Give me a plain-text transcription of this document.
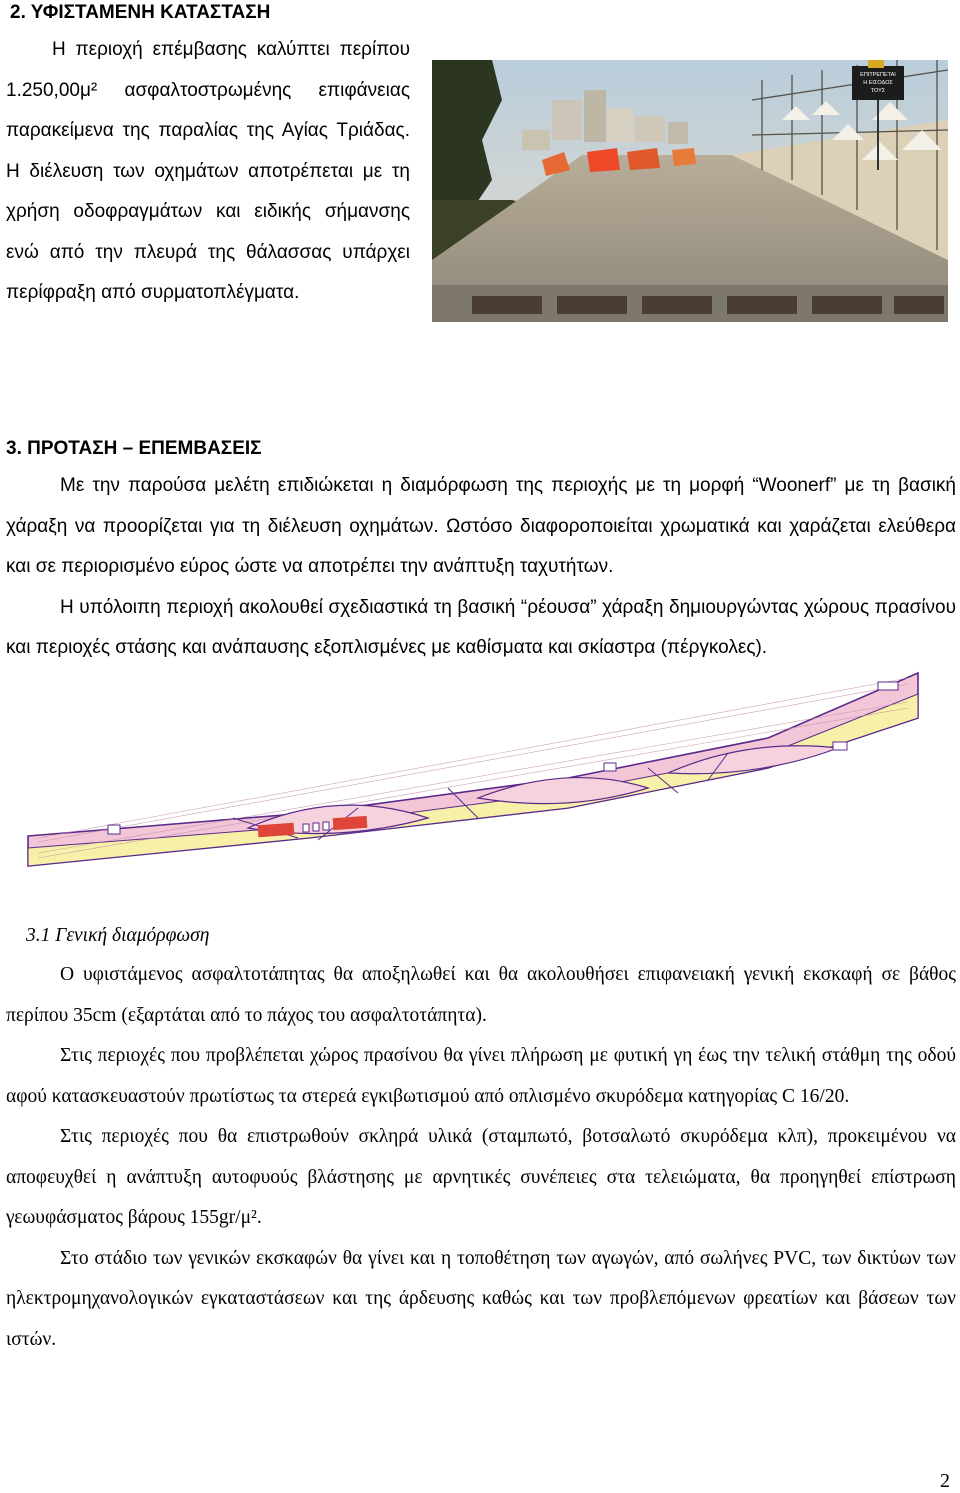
2. ΥΦΙΣΤΑΜΕΝΗ ΚΑΤΑΣΤΑΣΗ

Η περιοχή επέμβασης καλύπτει περίπου 1.250,00μ² ασφαλτοστρωμένης επιφάνειας παρακείμενα της παραλίας της Αγίας Τριάδας. Η διέλευση των οχημάτων αποτρέπεται με τη χρήση οδοφραγμάτων και ειδικής σήμανσης ενώ από την πλευρά της θάλασσας υπάρχει περίφραξη από συρματοπλέγματα.

ΕΠΙΤΡΕΠΕΤΑΙ
Η ΕΙΣΟΔΟΣ
ΤΟΥΣ
3. ΠΡΟΤΑΣΗ – ΕΠΕΜΒΑΣΕΙΣ

Με την παρούσα μελέτη επιδιώκεται η διαμόρφωση της περιοχής με τη μορφή “Woonerf” με τη βασική χάραξη να προορίζεται για τη διέλευση οχημάτων. Ωστόσο διαφοροποιείται χρωματικά και χαράζεται ελεύθερα και σε περιορισμένο εύρος ώστε να αποτρέπει την ανάπτυξη ταχυτήτων.

Η υπόλοιπη περιοχή ακολουθεί σχεδιαστικά τη βασική “ρέουσα” χάραξη δημιουργώντας χώρους πρασίνου και περιοχές στάσης και ανάπαυσης εξοπλισμένες με καθίσματα και σκίαστρα (πέργκολες).

3.1 Γενική διαμόρφωση

Ο υφιστάμενος ασφαλτοτάπητας θα αποξηλωθεί και θα ακολουθήσει επιφανειακή γενική εκσκαφή σε βάθος περίπου 35cm (εξαρτάται από το πάχος του ασφαλτοτάπητα).

Στις περιοχές που προβλέπεται χώρος πρασίνου θα γίνει πλήρωση με φυτική γη έως την τελική στάθμη της οδού αφού κατασκευαστούν πρωτίστως τα στερεά εγκιβωτισμού από οπλισμένο σκυρόδεμα κατηγορίας C 16/20.

Στις περιοχές που θα επιστρωθούν σκληρά υλικά (σταμπωτό, βοτσαλωτό σκυρόδεμα κλπ), προκειμένου να αποφευχθεί η ανάπτυξη αυτοφυούς βλάστησης με αρνητικές συνέπειες στα τελειώματα, θα προηγηθεί επίστρωση γεωυφάσματος βάρους 155gr/μ².

Στο στάδιο των γενικών εκσκαφών θα γίνει και η τοποθέτηση των αγωγών, από σωλήνες PVC, των δικτύων των ηλεκτρομηχανολογικών εγκαταστάσεων και της άρδευσης καθώς και των προβλεπόμενων φρεατίων και βάσεων των ιστών.

2
